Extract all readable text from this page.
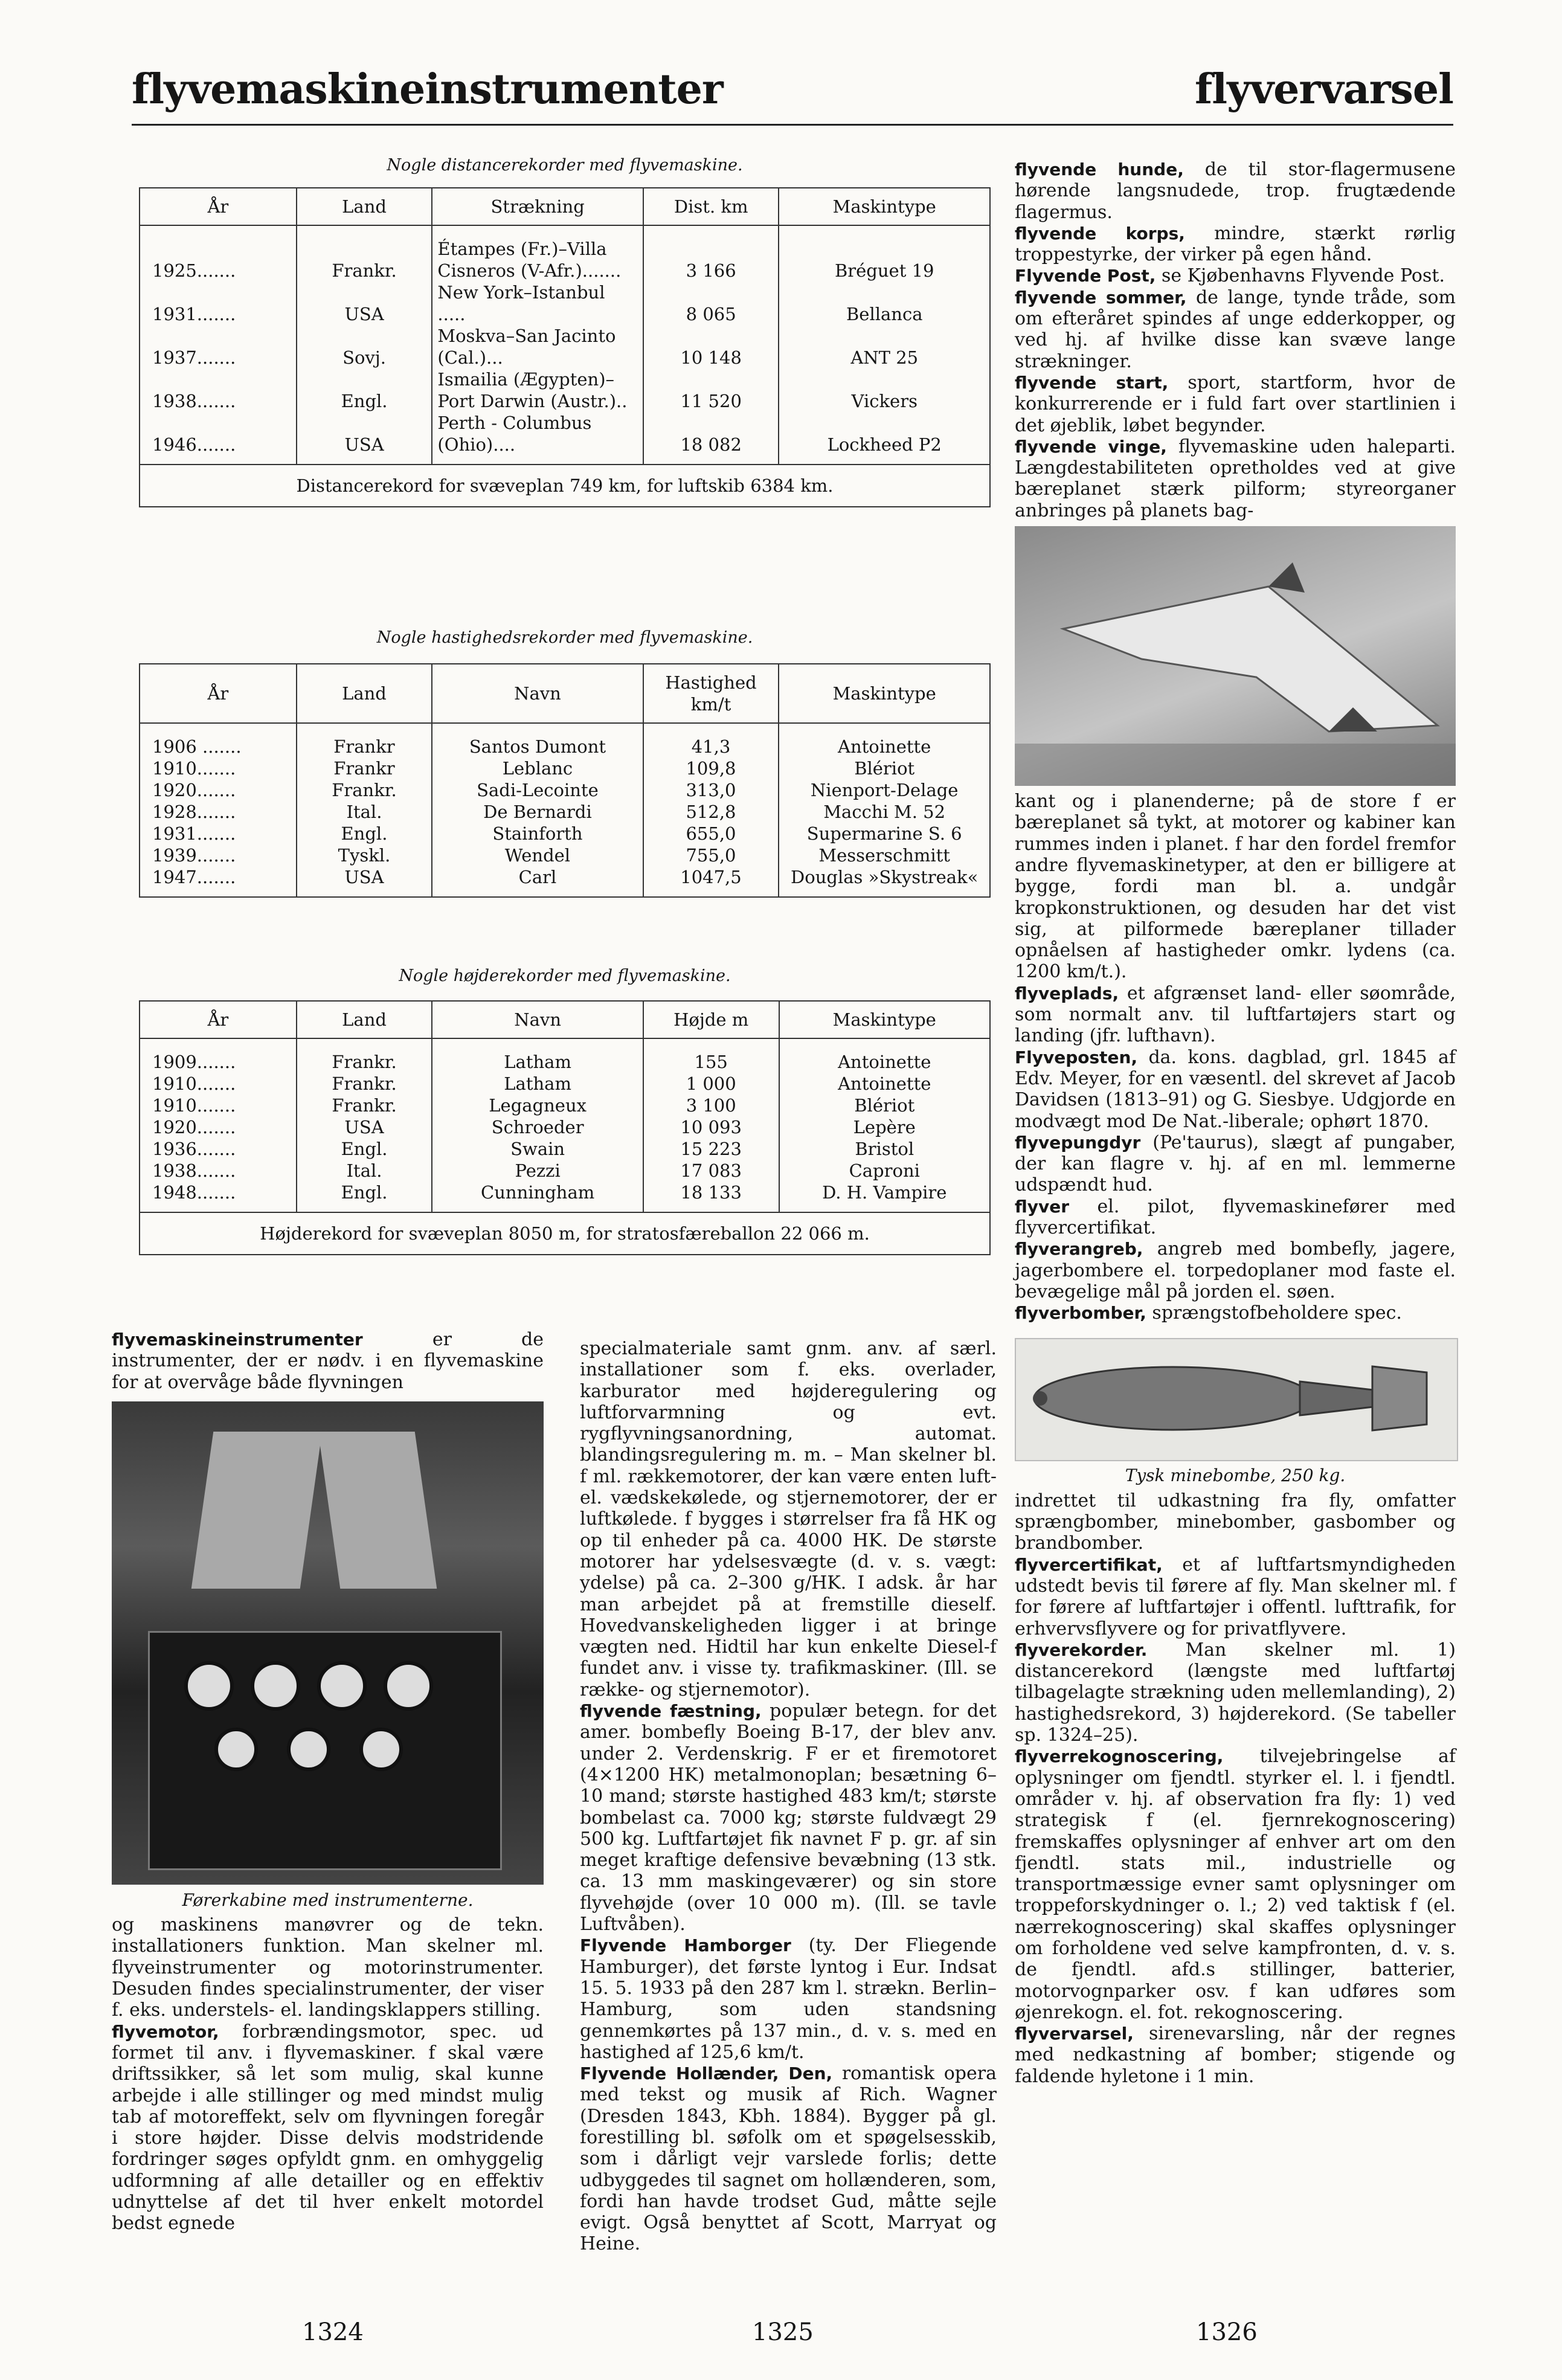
flyvemaskineinstrumenter	flyvervarsel
Nogle distancerekorder med flyvemaskine.
År	Land	Strækning	Dist. km	Maskintype
1925.......	Frankr.	Étampes (Fr.)–Villa Cisneros (V-Afr.).......	3 166	Bréguet 19
1931.......	USA	New York–Istanbul .....	8 065	Bellanca
1937.......	Sovj.	Moskva–San Jacinto (Cal.)...	10 148	ANT 25
1938.......	Engl.	Ismailia (Ægypten)–Port Darwin (Austr.)..	11 520	Vickers
1946.......	USA	Perth - Columbus (Ohio)....	18 082	Lockheed P2
Distancerekord for svæveplan 749 km, for luftskib 6384 km.				
Nogle hastighedsrekorder med flyvemaskine.
År	Land	Navn	Hastighed km/t	Maskintype
1906 .......	Frankr	Santos Dumont	41,3	Antoinette
1910.......	Frankr	Leblanc	109,8	Blériot
1920.......	Frankr.	Sadi-Lecointe	313,0	Nienport-Delage
1928.......	Ital.	De Bernardi	512,8	Macchi M. 52
1931.......	Engl.	Stainforth	655,0	Supermarine S. 6
1939.......	Tyskl.	Wendel	755,0	Messerschmitt
1947.......	USA	Carl	1047,5	Douglas »Skystreak«
Nogle højderekorder med flyvemaskine.
År	Land	Navn	Højde m	Maskintype
1909.......	Frankr.	Latham	155	Antoinette
1910.......	Frankr.	Latham	1 000	Antoinette
1910.......	Frankr.	Legagneux	3 100	Blériot
1920.......	USA	Schroeder	10 093	Lepère
1936.......	Engl.	Swain	15 223	Bristol
1938.......	Ital.	Pezzi	17 083	Caproni
1948.......	Engl.	Cunningham	18 133	D. H. Vampire
Højderekord for svæveplan 8050 m, for stratosfæreballon 22 066 m.				

flyvemaskineinstrumenter	er de instrumenter, der er nødv. i en flyvemaskine for at overvåge både flyvningen

Førerkabine med instrumenterne.

og maskinens manøvrer og de tekn. installationers funktion. Man skelner ml. flyveinstrumenter og motorinstrumenter. Desuden findes specialinstrumenter, der viser f. eks. understels- el. landingsklappers stilling.

flyvemotor, forbrændingsmotor, spec. ud formet til anv. i flyvemaskiner. f skal være driftssikker, så let som mulig, skal kunne arbejde i alle stillinger og med mindst mulig tab af motoreffekt, selv om flyvningen foregår i store højder. Disse delvis modstridende fordringer søges opfyldt gnm. en omhyggelig udformning af alle detailler og en effektiv udnyttelse af det til hver enkelt motordel bedst egnede

specialmateriale samt gnm. anv. af særl. installationer som f. eks. overlader, karburator med højderegulering og luftforvarmning og evt. rygflyvningsanordning, automat. blandingsregulering m. m. – Man skelner bl. f ml. rækkemotorer, der kan være enten luft- el. vædskekølede, og stjernemotorer, der er luftkølede. f bygges i størrelser fra få HK og op til enheder på ca. 4000 HK. De største motorer har ydelsesvægte (d. v. s. vægt: ydelse) på ca. 2–300 g/HK. I adsk. år har man arbejdet på at fremstille dieself. Hovedvanskeligheden ligger i at bringe vægten ned. Hidtil har kun enkelte Diesel-f fundet anv. i visse ty. trafikmaskiner. (Ill. se række- og stjernemotor).

flyvende fæstning, populær betegn. for det amer. bombefly Boeing B-17, der blev anv. under 2. Verdenskrig. F er et firemotoret (4×1200 HK) metalmonoplan; besætning 6–10 mand; største hastighed 483 km/t; største bombelast ca. 7000 kg; største fuldvægt 29 500 kg. Luftfartøjet fik navnet F p. gr. af sin meget kraftige defensive bevæbning (13 stk. ca. 13 mm maskingeværer) og sin store flyvehøjde (over 10 000 m). (Ill. se tavle Luftvåben).

Flyvende Hamborger (ty. Der Fliegende Hamburger), det første lyntog i Eur. Indsat 15. 5. 1933 på den 287 km l. strækn. Berlin–Hamburg, som uden standsning gennemkørtes på 137 min., d. v. s. med en hastighed af 125,6 km/t.

Flyvende Hollænder, Den, romantisk opera med tekst og musik af Rich. Wagner (Dresden 1843, Kbh. 1884). Bygger på gl. forestilling bl. søfolk om et spøgelsesskib, som i dårligt vejr varslede forlis; dette udbyggedes til sagnet om hollænderen, som, fordi han havde trodset Gud, måtte sejle evigt. Også benyttet af Scott, Marryat og Heine.

flyvende hunde, de til stor-flagermusene hørende langsnudede, trop. frugtædende flagermus.

flyvende korps, mindre, stærkt rørlig troppestyrke, der virker på egen hånd.

Flyvende Post, se Kjøbenhavns Flyvende Post.

flyvende sommer, de lange, tynde tråde, som om efteråret spindes af unge edderkopper, og ved hj. af hvilke disse kan svæve lange strækninger.

flyvende start, sport, startform, hvor de konkurrerende er i fuld fart over startlinien i det øjeblik, løbet begynder.

flyvende vinge, flyvemaskine uden haleparti. Længdestabiliteten opretholdes ved at give bæreplanet stærk pilform; styreorganer anbringes på planets bag-

kant og i planenderne; på de store f er bæreplanet så tykt, at motorer og kabiner kan rummes inden i planet. f har den fordel fremfor andre flyvemaskinetyper, at den er billigere at bygge, fordi man bl. a. undgår kropkonstruktionen, og desuden har det vist sig, at pilformede bæreplaner tillader opnåelsen af hastigheder omkr. lydens (ca. 1200 km/t.).

flyveplads, et afgrænset land- eller søområde, som normalt anv. til luftfartøjers start og landing (jfr. lufthavn).

Flyveposten, da. kons. dagblad, grl. 1845 af Edv. Meyer, for en væsentl. del skrevet af Jacob Davidsen (1813–91) og G. Siesbye. Udgjorde en modvægt mod De Nat.-liberale; ophørt 1870.

flyvepungdyr (Pe'taurus), slægt af pungaber, der kan flagre v. hj. af en ml. lemmerne udspændt hud.

flyver el. pilot, flyvemaskinefører med flyvercertifikat.

flyverangreb, angreb med bombefly, jagere, jagerbombere el. torpedoplaner mod faste el. bevægelige mål på jorden el. søen.

flyverbomber, sprængstofbeholdere spec.

Tysk minebombe, 250 kg.

indrettet til udkastning fra fly, omfatter sprængbomber, minebomber, gasbomber og brandbomber.

flyvercertifikat, et af luftfartsmyndigheden udstedt bevis til førere af fly. Man skelner ml. f for førere af luftfartøjer i offentl. lufttrafik, for erhvervsflyvere og for privatflyvere.

flyverekorder. Man skelner ml. 1) distancerekord (længste med luftfartøj tilbagelagte strækning uden mellemlanding), 2) hastighedsrekord, 3) højderekord. (Se tabeller sp. 1324–25).

flyverrekognoscering, tilvejebringelse af oplysninger om fjendtl. styrker el. l. i fjendtl. områder v. hj. af observation fra fly: 1) ved strategisk f (el. fjernrekognoscering) fremskaffes oplysninger af enhver art om den fjendtl. stats mil., industrielle og transportmæssige evner samt oplysninger om troppeforskydninger o. l.; 2) ved taktisk f (el. nærrekognoscering) skal skaffes oplysninger om forholdene ved selve kampfronten, d. v. s. de fjendtl. afd.s stillinger, batterier, motorvognparker osv. f kan udføres som øjenrekogn. el. fot. rekognoscering.

flyvervarsel, sirenevarsling, når der regnes med nedkastning af bomber; stigende og faldende hyletone i 1 min.

1324	1325	1326
